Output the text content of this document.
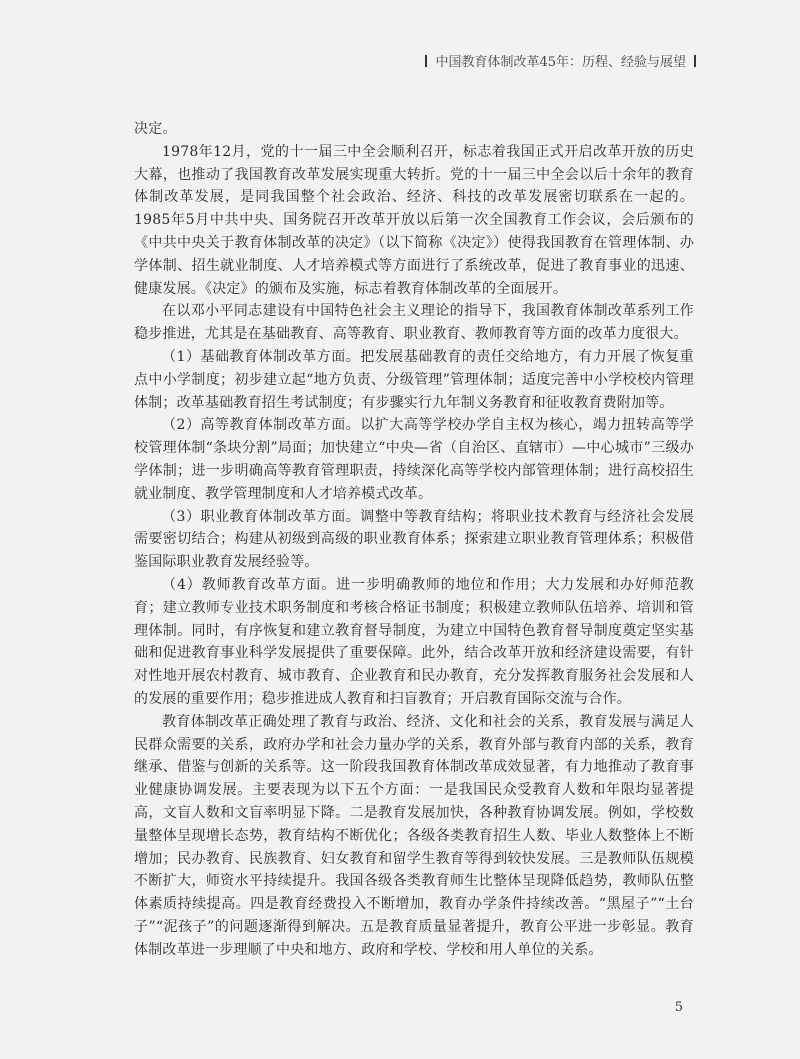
中国教育体制改革45年：历程、经验与展望

决定。

1978年12月，党的十一届三中全会顺利召开，标志着我国正式开启改革开放的历史大幕，也推动了我国教育改革发展实现重大转折。党的十一届三中全会以后十余年的教育体制改革发展，是同我国整个社会政治、经济、科技的改革发展密切联系在一起的。1985年5月中共中央、国务院召开改革开放以后第一次全国教育工作会议，会后颁布的《中共中央关于教育体制改革的决定》（以下简称《决定》）使得我国教育在管理体制、办学体制、招生就业制度、人才培养模式等方面进行了系统改革，促进了教育事业的迅速、健康发展。《决定》的颁布及实施，标志着教育体制改革的全面展开。

在以邓小平同志建设有中国特色社会主义理论的指导下，我国教育体制改革系列工作稳步推进，尤其是在基础教育、高等教育、职业教育、教师教育等方面的改革力度很大。

（1）基础教育体制改革方面。把发展基础教育的责任交给地方，有力开展了恢复重点中小学制度；初步建立起“地方负责、分级管理”管理体制；适度完善中小学校校内管理体制；改革基础教育招生考试制度；有步骤实行九年制义务教育和征收教育费附加等。

（2）高等教育体制改革方面。以扩大高等学校办学自主权为核心，竭力扭转高等学校管理体制“条块分割”局面；加快建立“中央—省（自治区、直辖市）—中心城市”三级办学体制；进一步明确高等教育管理职责，持续深化高等学校内部管理体制；进行高校招生就业制度、教学管理制度和人才培养模式改革。

（3）职业教育体制改革方面。调整中等教育结构；将职业技术教育与经济社会发展需要密切结合；构建从初级到高级的职业教育体系；探索建立职业教育管理体系；积极借鉴国际职业教育发展经验等。

（4）教师教育改革方面。进一步明确教师的地位和作用；大力发展和办好师范教育；建立教师专业技术职务制度和考核合格证书制度；积极建立教师队伍培养、培训和管理体制。同时，有序恢复和建立教育督导制度，为建立中国特色教育督导制度奠定坚实基础和促进教育事业科学发展提供了重要保障。此外，结合改革开放和经济建设需要，有针对性地开展农村教育、城市教育、企业教育和民办教育，充分发挥教育服务社会发展和人的发展的重要作用；稳步推进成人教育和扫盲教育；开启教育国际交流与合作。

教育体制改革正确处理了教育与政治、经济、文化和社会的关系，教育发展与满足人民群众需要的关系，政府办学和社会力量办学的关系，教育外部与教育内部的关系，教育继承、借鉴与创新的关系等。这一阶段我国教育体制改革成效显著，有力地推动了教育事业健康协调发展。主要表现为以下五个方面：一是我国民众受教育人数和年限均显著提高，文盲人数和文盲率明显下降。二是教育发展加快，各种教育协调发展。例如，学校数量整体呈现增长态势，教育结构不断优化；各级各类教育招生人数、毕业人数整体上不断增加；民办教育、民族教育、妇女教育和留学生教育等得到较快发展。三是教师队伍规模不断扩大，师资水平持续提升。我国各级各类教育师生比整体呈现降低趋势，教师队伍整体素质持续提高。四是教育经费投入不断增加，教育办学条件持续改善。“黑屋子”“土台子”“泥孩子”的问题逐渐得到解决。五是教育质量显著提升，教育公平进一步彰显。教育体制改革进一步理顺了中央和地方、政府和学校、学校和用人单位的关系。

5
